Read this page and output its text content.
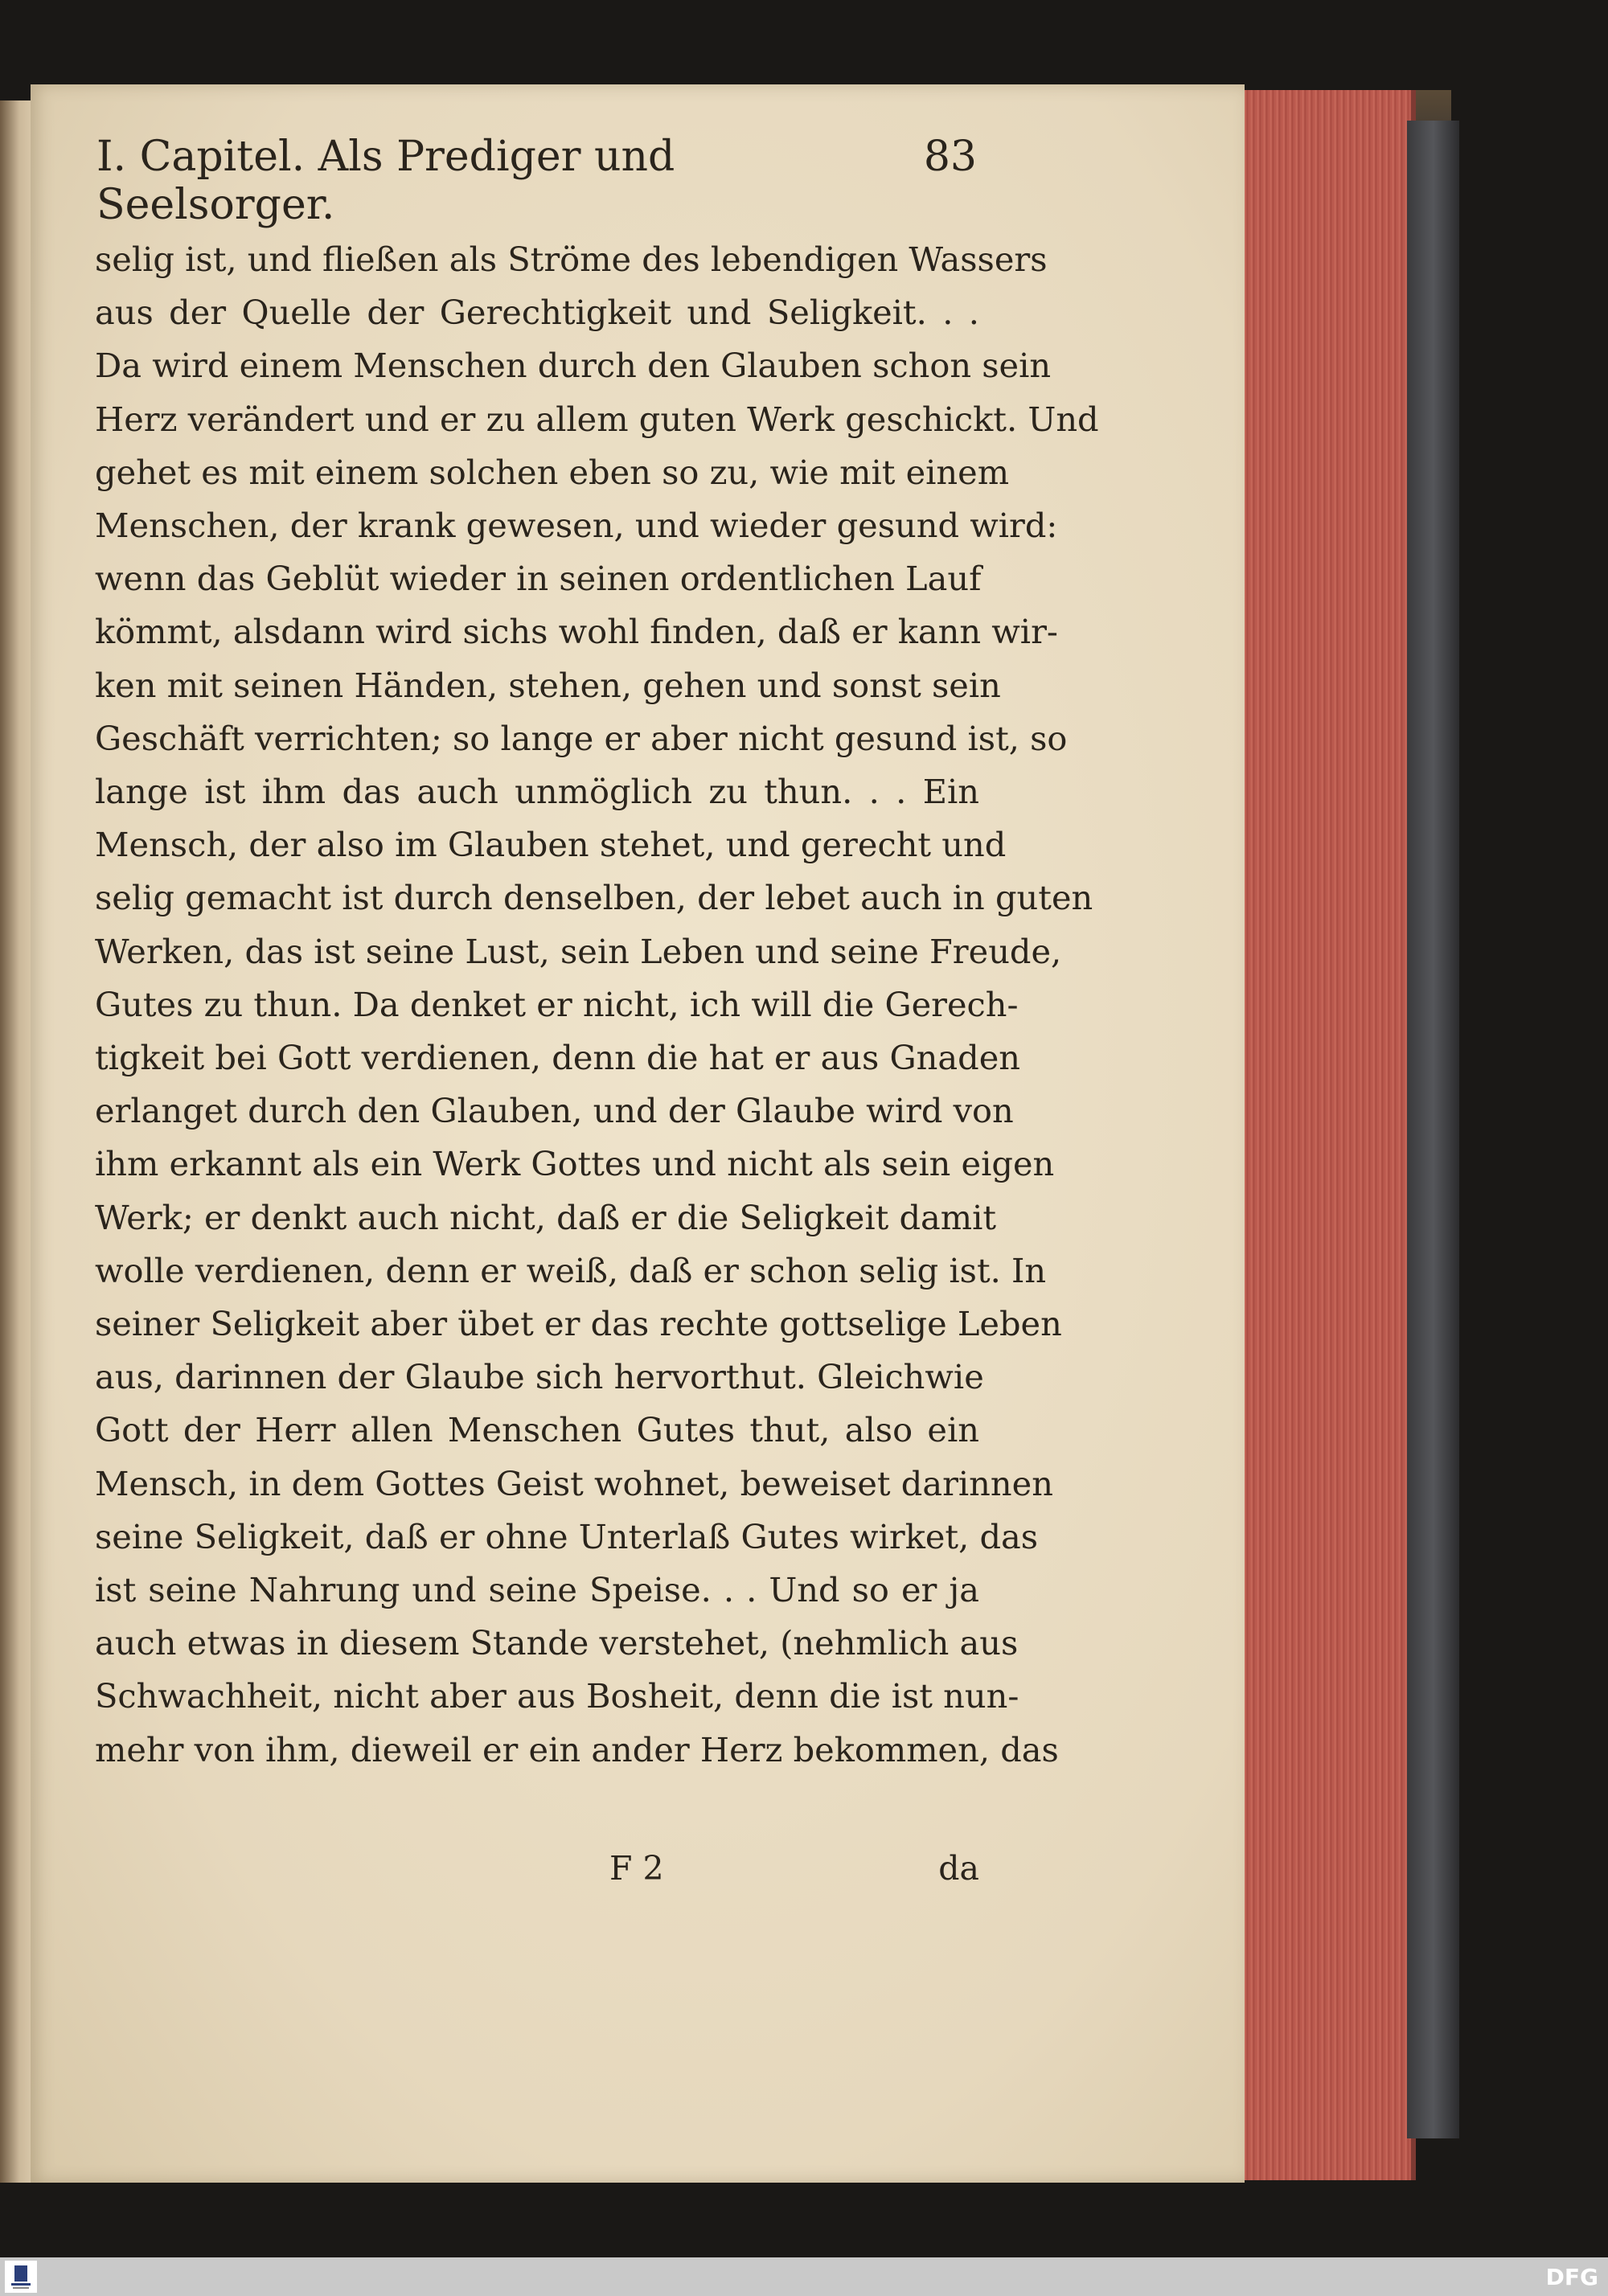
I. Capitel. Als Prediger und Seelsorger.
83
selig ist, und fließen als Ströme des lebendigen Wassers
aus der Quelle der Gerechtigkeit und Seligkeit. . .
Da wird einem Menschen durch den Glauben schon sein
Herz verändert und er zu allem guten Werk geschickt. Und
gehet es mit einem solchen eben so zu, wie mit einem
Menschen, der krank gewesen, und wieder gesund wird:
wenn das Geblüt wieder in seinen ordentlichen Lauf
kömmt, alsdann wird sichs wohl finden, daß er kann wir-
ken mit seinen Händen, stehen, gehen und sonst sein
Geschäft verrichten; so lange er aber nicht gesund ist, so
lange ist ihm das auch unmöglich zu thun. . . Ein
Mensch, der also im Glauben stehet, und gerecht und
selig gemacht ist durch denselben, der lebet auch in guten
Werken, das ist seine Lust, sein Leben und seine Freude,
Gutes zu thun. Da denket er nicht, ich will die Gerech-
tigkeit bei Gott verdienen, denn die hat er aus Gnaden
erlanget durch den Glauben, und der Glaube wird von
ihm erkannt als ein Werk Gottes und nicht als sein eigen
Werk; er denkt auch nicht, daß er die Seligkeit damit
wolle verdienen, denn er weiß, daß er schon selig ist. In
seiner Seligkeit aber übet er das rechte gottselige Leben
aus, darinnen der Glaube sich hervorthut. Gleichwie
Gott der Herr allen Menschen Gutes thut, also ein
Mensch, in dem Gottes Geist wohnet, beweiset darinnen
seine Seligkeit, daß er ohne Unterlaß Gutes wirket, das
ist seine Nahrung und seine Speise. . . Und so er ja
auch etwas in diesem Stande verstehet, (nehmlich aus
Schwachheit, nicht aber aus Bosheit, denn die ist nun-
mehr von ihm, dieweil er ein ander Herz bekommen, das
F 2	da
DFG
